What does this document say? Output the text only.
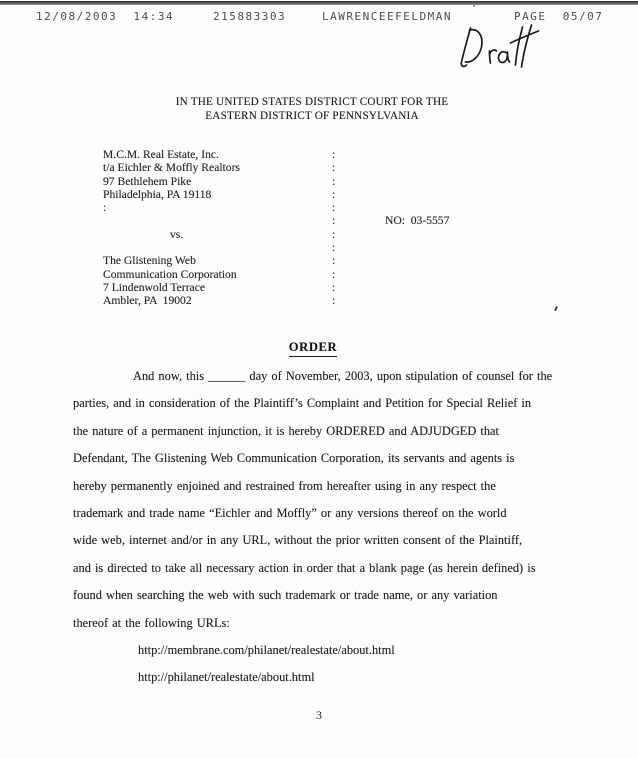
12/08/2003  14:34

	215883303

	LAWRENCEEFELDMAN

	PAGE  05/07

IN THE UNITED STATES DISTRICT COURT FOR THE
EASTERN DISTRICT OF PENNSYLVANIA
M.C.M. Real Estate, Inc.	:
t/a Eichler & Moffly Realtors	:
97 Bethlehem Pike	:
Philadelphia, PA 19118	:
:	:
:	NO:  03-5557
vs.	:
:
The Glistening Web	:
Communication Corporation	:
7 Lindenwold Terrace	:
Ambler, PA  19002	:
ORDER
And now, this ______ day of November, 2003, upon stipulation of counsel for the
parties, and in consideration of the Plaintiff’s Complaint and Petition for Special Relief in
the nature of a permanent injunction, it is hereby ORDERED and ADJUDGED that
Defendant, The Glistening Web Communication Corporation, its servants and agents is
hereby permanently enjoined and restrained from hereafter using in any respect the
trademark and trade name “Eichler and Moffly” or any versions thereof on the world
wide web, internet and/or in any URL, without the prior written consent of the Plaintiff,
and is directed to take all necessary action in order that a blank page (as herein defined) is
found when searching the web with such trademark or trade name, or any variation
thereof at the following URLs:
http://membrane.com/philanet/realestate/about.html
http://philanet/realestate/about.html
3
